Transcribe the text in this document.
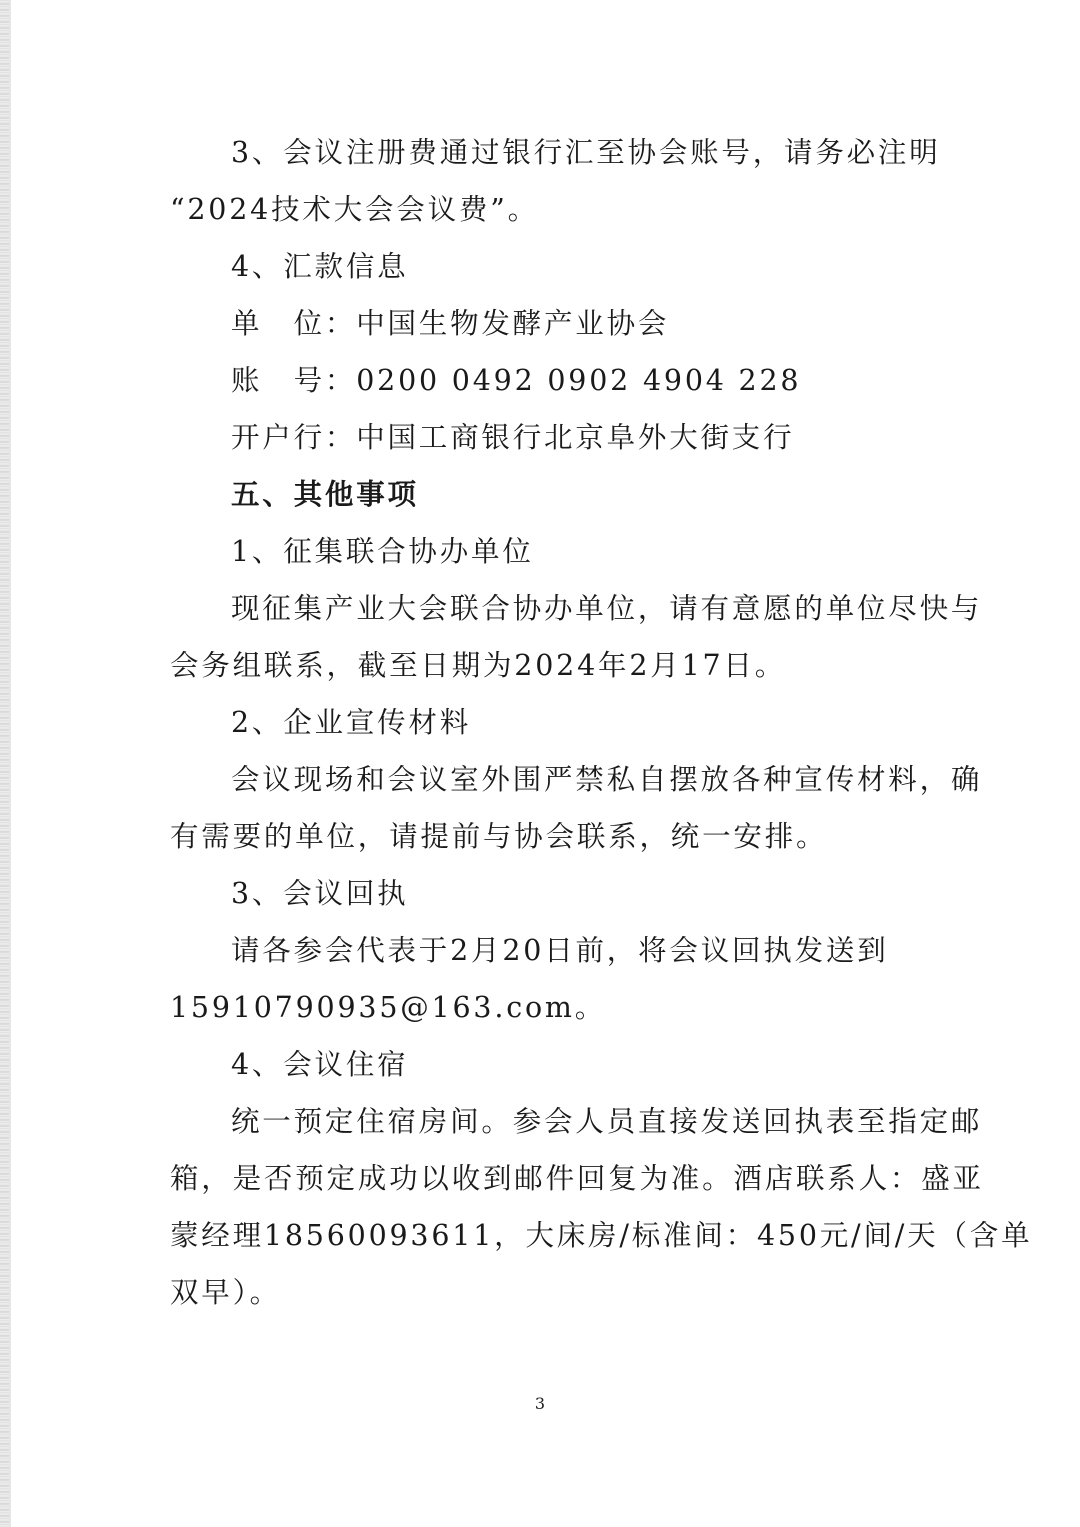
3、会议注册费通过银行汇至协会账号，请务必注明

“2024技术大会会议费”。

4、汇款信息

单　位：中国生物发酵产业协会

账　号：0200 0492 0902 4904 228

开户行：中国工商银行北京阜外大街支行

五、其他事项

1、征集联合协办单位

现征集产业大会联合协办单位，请有意愿的单位尽快与

会务组联系，截至日期为2024年2月17日。

2、企业宣传材料

会议现场和会议室外围严禁私自摆放各种宣传材料，确

有需要的单位，请提前与协会联系，统一安排。

3、会议回执

请各参会代表于2月20日前，将会议回执发送到

15910790935@163.com。

4、会议住宿

统一预定住宿房间。参会人员直接发送回执表至指定邮

箱，是否预定成功以收到邮件回复为准。酒店联系人：盛亚

蒙经理18560093611，大床房/标准间：450元/间/天（含单

双早）。

3
